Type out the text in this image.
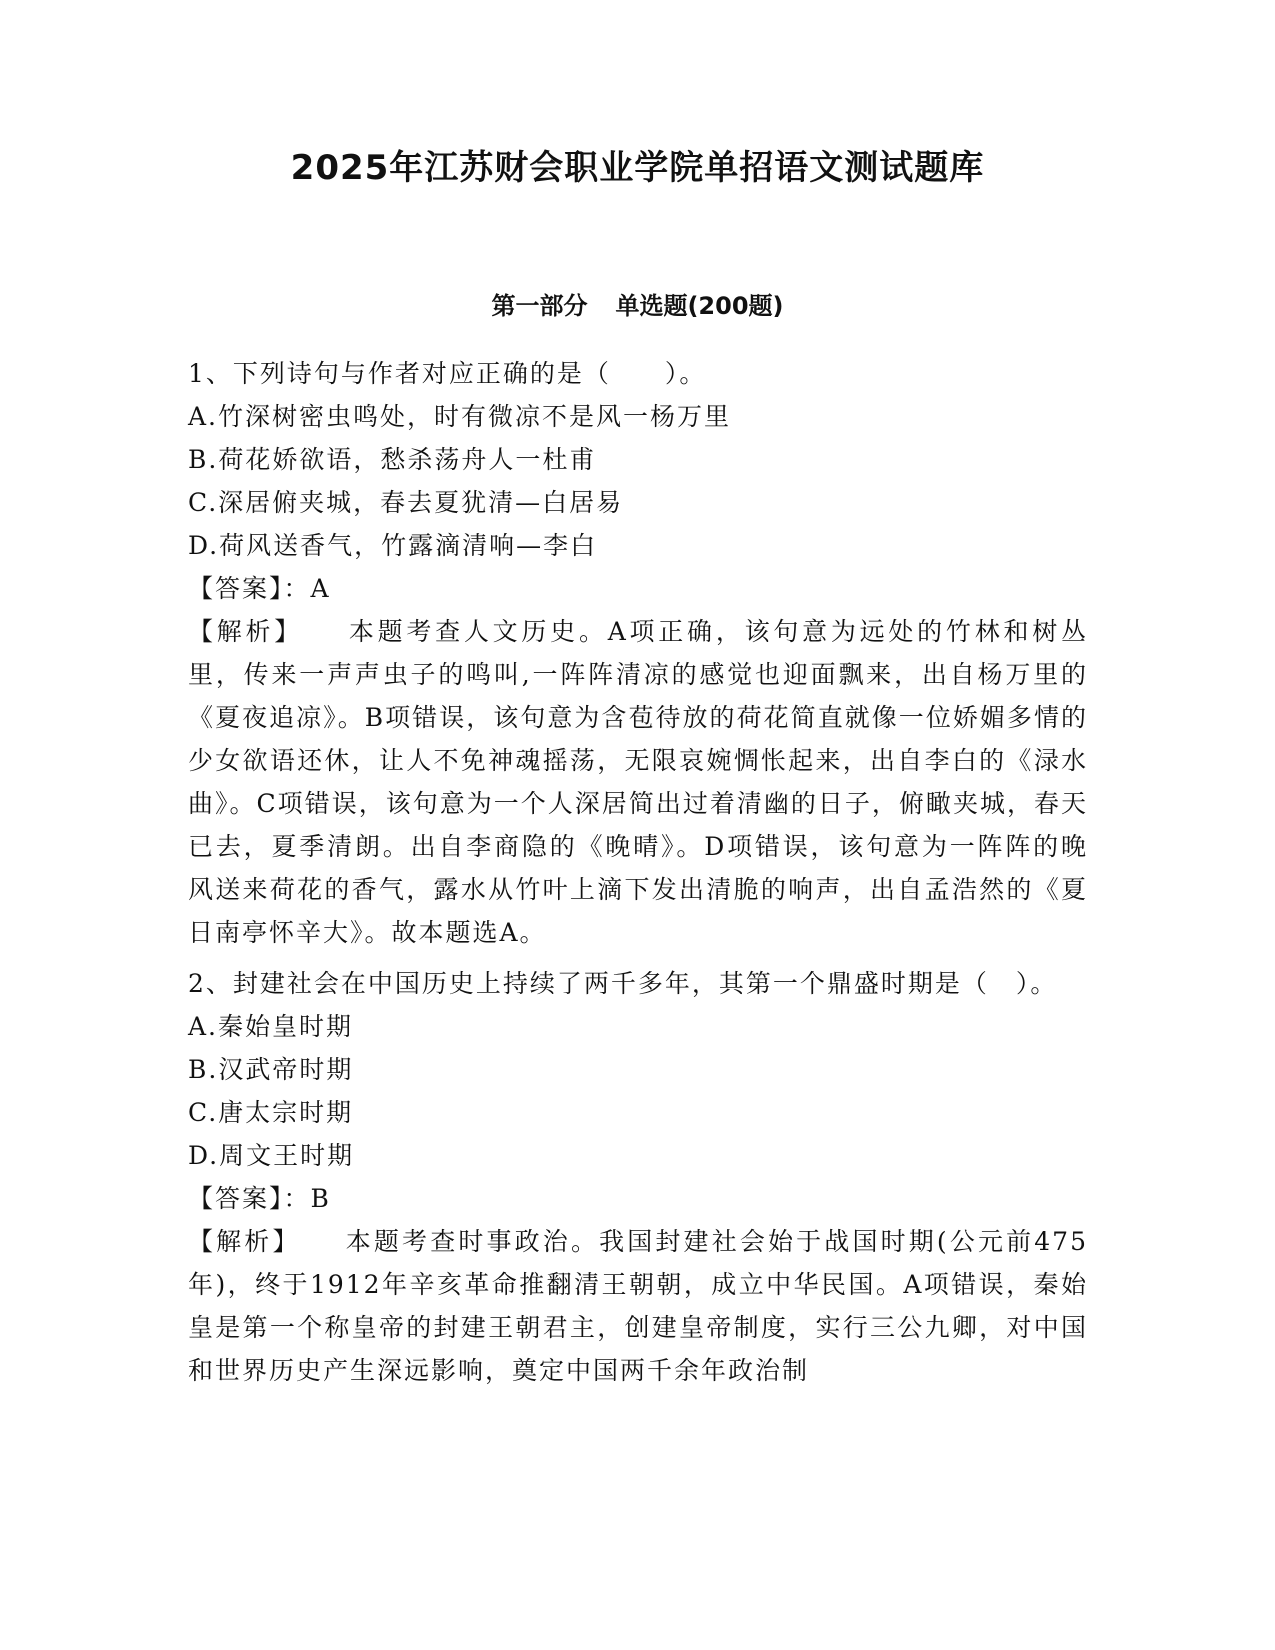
2025年江苏财会职业学院单招语文测试题库
第一部分 单选题(200题)

1、下列诗句与作者对应正确的是（　　）。

A.竹深树密虫鸣处，时有微凉不是风一杨万里

B.荷花娇欲语，愁杀荡舟人一杜甫

C.深居俯夹城，春去夏犹清—白居易

D.荷风送香气，竹露滴清响—李白

【答案】：A

【解析】 本题考查人文历史。A项正确，该句意为远处的竹林和树丛里，传来一声声虫子的鸣叫,一阵阵清凉的感觉也迎面飘来，出自杨万里的《夏夜追凉》。B项错误，该句意为含苞待放的荷花简直就像一位娇媚多情的少女欲语还休，让人不免神魂摇荡，无限哀婉惆怅起来，出自李白的《渌水曲》。C项错误，该句意为一个人深居简出过着清幽的日子，俯瞰夹城，春天已去，夏季清朗。出自李商隐的《晚晴》。D项错误，该句意为一阵阵的晚风送来荷花的香气，露水从竹叶上滴下发出清脆的响声，出自孟浩然的《夏日南亭怀辛大》。故本题选A。

2、封建社会在中国历史上持续了两千多年，其第一个鼎盛时期是（　）。

A.秦始皇时期

B.汉武帝时期

C.唐太宗时期

D.周文王时期

【答案】：B

【解析】 本题考查时事政治。我国封建社会始于战国时期(公元前475年)，终于1912年辛亥革命推翻清王朝朝，成立中华民国。A项错误，秦始皇是第一个称皇帝的封建王朝君主，创建皇帝制度，实行三公九卿，对中国和世界历史产生深远影响，奠定中国两千余年政治制
